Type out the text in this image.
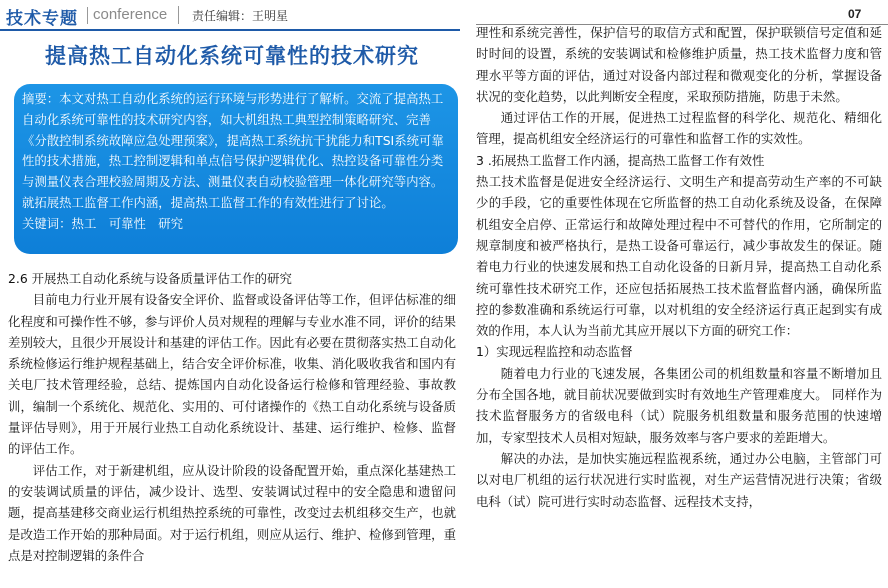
技术专题 conference 责任编辑：王明星	07
提高热工自动化系统可靠性的技术研究

摘要：本文对热工自动化系统的运行环境与形势进行了解析。交流了提高热工自动化系统可靠性的技术研究内容，如大机组热工典型控制策略研究、完善《分散控制系统故障应急处理预案》，提高热工系统抗干扰能力和TSI系统可靠性的技术措施，热工控制逻辑和单点信号保护逻辑优化、热控设备可靠性分类与测量仪表合理校验周期及方法、测量仪表自动校验管理一体化研究等内容。就拓展热工监督工作内涵，提高热工监督工作的有效性进行了讨论。

关键词：热工　可靠性　研究

2.6 开展热工自动化系统与设备质量评估工作的研究

目前电力行业开展有设备安全评价、监督或设备评估等工作，但评估标准的细化程度和可操作性不够，参与评价人员对规程的理解与专业水准不同，评价的结果差别较大，且很少开展设计和基建的评估工作。因此有必要在贯彻落实热工自动化系统检修运行维护规程基础上，结合安全评价标准，收集、消化吸收我省和国内有关电厂技术管理经验，总结、提炼国内自动化设备运行检修和管理经验、事故教训，编制一个系统化、规范化、实用的、可付诸操作的《热工自动化系统与设备质量评估导则》，用于开展行业热工自动化系统设计、基建、运行维护、检修、监督的评估工作。

评估工作，对于新建机组，应从设计阶段的设备配置开始，重点深化基建热工的安装调试质量的评估，减少设计、选型、安装调试过程中的安全隐患和遗留问题，提高基建移交商业运行机组热控系统的可靠性，改变过去机组移交生产，也就是改造工作开始的那种局面。对于运行机组，则应从运行、维护、检修到管理，重点是对控制逻辑的条件合

理性和系统完善性，保护信号的取信方式和配置，保护联锁信号定值和延时时间的设置，系统的安装调试和检修维护质量，热工技术监督力度和管理水平等方面的评估，通过对设备内部过程和微观变化的分析，掌握设备状况的变化趋势，以此判断安全程度，采取预防措施，防患于未然。

通过评估工作的开展，促进热工过程监督的科学化、规范化、精细化管理，提高机组安全经济运行的可靠性和监督工作的实效性。

3 .拓展热工监督工作内涵，提高热工监督工作有效性

热工技术监督是促进安全经济运行、文明生产和提高劳动生产率的不可缺少的手段，它的重要性体现在它所监督的热工自动化系统及设备，在保障机组安全启停、正常运行和故障处理过程中不可替代的作用，它所制定的规章制度和被严格执行，是热工设备可靠运行，减少事故发生的保证。随着电力行业的快速发展和热工自动化设备的日新月异，提高热工自动化系统可靠性技术研究工作，还应包括拓展热工技术监督监督内涵，确保所监控的参数准确和系统运行可靠，以对机组的安全经济运行真正起到实有成效的作用，本人认为当前尤其应开展以下方面的研究工作：

1）实现远程监控和动态监督

随着电力行业的飞速发展，各集团公司的机组数量和容量不断增加且分布全国各地，就目前状况要做到实时有效地生产管理难度大。 同样作为技术监督服务方的省级电科（试）院服务机组数量和服务范围的快速增加，专家型技术人员相对短缺，服务效率与客户要求的差距增大。

解决的办法，是加快实施远程监视系统，通过办公电脑，主管部门可以对电厂机组的运行状况进行实时监视，对生产运营情况进行决策；省级电科（试）院可进行实时动态监督、远程技术支持，
